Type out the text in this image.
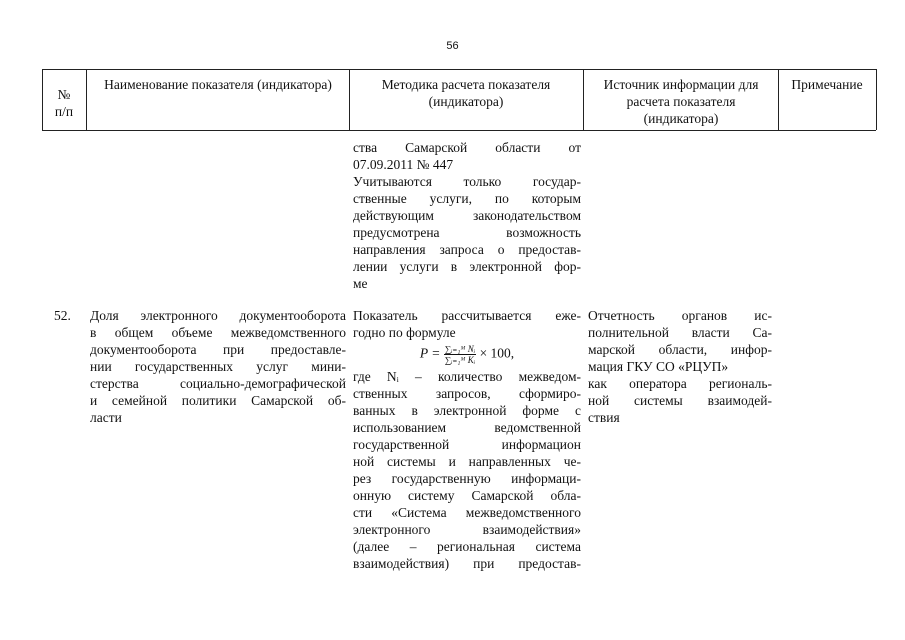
56
№
п/п
Наименование показателя (индикатора)	Методика расчета показателя (индикатора)
Источник информации для расчета показателя (индикатора)
Примечание
ства Самарской области от
07.09.2011 № 447
Учитываются только государ-
ственные услуги, по которым
действующим законодательством
предусмотрена возможность
направления запроса о предостав-
лении услуги в электронной фор-
ме
52.	Доля электронного документооборота
в общем объеме межведомственного
документооборота при предоставле-
нии государственных услуг мини-
стерства социально-демографической
и семейной политики Самарской об-
ласти
Показатель рассчитывается еже-
годно по формуле
$P = \frac{\text{∑ᵢ₌₁ᴹ Nᵢ}}{\text{∑ᵢ₌₁ᴹ Kᵢ}} \times 100$,
где Nᵢ – количество межведом-
ственных запросов, сформиро-
ванных в электронной форме с
использованием ведомственной
государственной информацион
ной системы и направленных че-
рез государственную информаци-
онную систему Самарской обла-
сти «Система межведомственного
электронного взаимодействия»
(далее – региональная система
взаимодействия) при предостав-
Отчетность органов ис-
полнительной власти Са-
марской области, инфор-
мация ГКУ СО «РЦУП»
как оператора региональ-
ной системы взаимодей-
ствия
